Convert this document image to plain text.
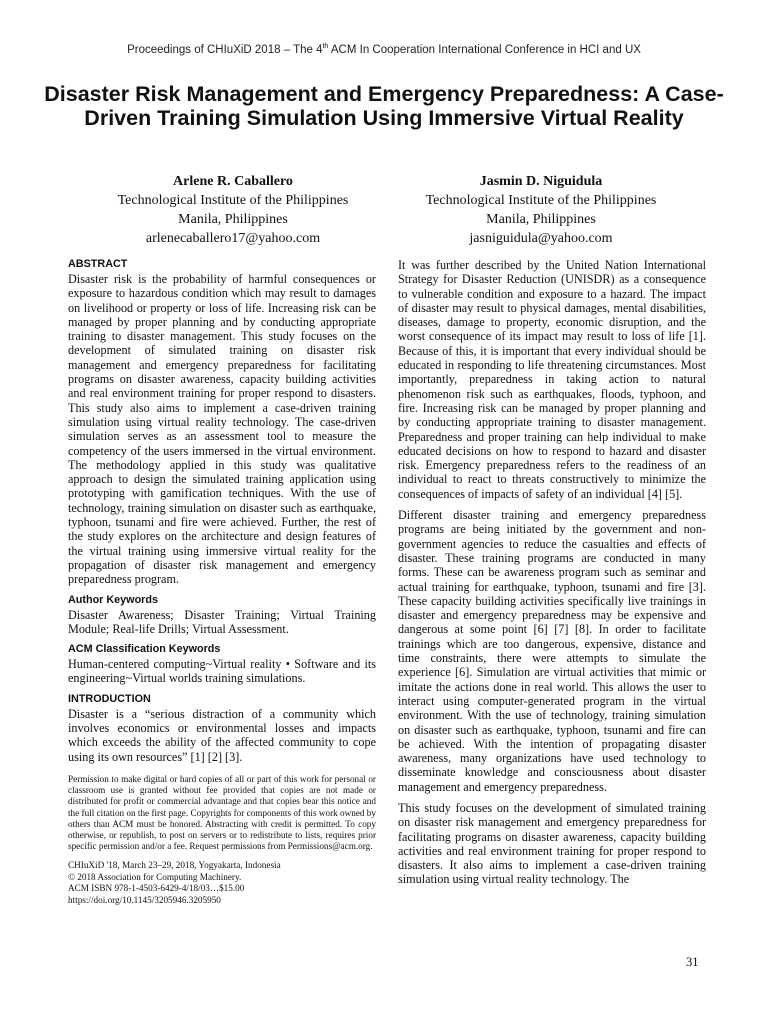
Proceedings of CHIuXiD 2018 – The 4th ACM In Cooperation International Conference in HCI and UX
Disaster Risk Management and Emergency Preparedness: A Case-Driven Training Simulation Using Immersive Virtual Reality
Arlene R. Caballero
Technological Institute of the Philippines
Manila, Philippines
arlenecaballero17@yahoo.com
Jasmin D. Niguidula
Technological Institute of the Philippines
Manila, Philippines
jasniguidula@yahoo.com
ABSTRACT

Disaster risk is the probability of harmful consequences or exposure to hazardous condition which may result to damages on livelihood or property or loss of life. Increasing risk can be managed by proper planning and by conducting appropriate training to disaster management. This study focuses on the development of simulated training on disaster risk management and emergency preparedness for facilitating programs on disaster awareness, capacity building activities and real environment training for proper respond to disasters. This study also aims to implement a case-driven training simulation using virtual reality technology. The case-driven simulation serves as an assessment tool to measure the competency of the users immersed in the virtual environment. The methodology applied in this study was qualitative approach to design the simulated training application using prototyping with gamification techniques. With the use of technology, training simulation on disaster such as earthquake, typhoon, tsunami and fire were achieved. Further, the rest of the study explores on the architecture and design features of the virtual training using immersive virtual reality for the propagation of disaster risk management and emergency preparedness program.

Author Keywords

Disaster Awareness; Disaster Training; Virtual Training Module; Real-life Drills; Virtual Assessment.

ACM Classification Keywords

Human-centered computing~Virtual reality • Software and its engineering~Virtual worlds training simulations.

INTRODUCTION

Disaster is a “serious distraction of a community which involves economics or environmental losses and impacts which exceeds the ability of the affected community to cope using its own resources” [1] [2] [3].

Permission to make digital or hard copies of all or part of this work for personal or classroom use is granted without fee provided that copies are not made or distributed for profit or commercial advantage and that copies bear this notice and the full citation on the first page. Copyrights for components of this work owned by others than ACM must be honored. Abstracting with credit is permitted. To copy otherwise, or republish, to post on servers or to redistribute to lists, requires prior specific permission and/or a fee. Request permissions from Permissions@acm.org.
CHIuXiD '18, March 23–29, 2018, Yogyakarta, Indonesia
© 2018 Association for Computing Machinery.
ACM ISBN 978-1-4503-6429-4/18/03…$15.00
https://doi.org/10.1145/3205946.3205950

It was further described by the United Nation International Strategy for Disaster Reduction (UNISDR) as a consequence to vulnerable condition and exposure to a hazard. The impact of disaster may result to physical damages, mental disabilities, diseases, damage to property, economic disruption, and the worst consequence of its impact may result to loss of life [1]. Because of this, it is important that every individual should be educated in responding to life threatening circumstances. Most importantly, preparedness in taking action to natural phenomenon risk such as earthquakes, floods, typhoon, and fire. Increasing risk can be managed by proper planning and by conducting appropriate training to disaster management. Preparedness and proper training can help individual to make educated decisions on how to respond to hazard and disaster risk. Emergency preparedness refers to the readiness of an individual to react to threats constructively to minimize the consequences of impacts of safety of an individual [4] [5].

Different disaster training and emergency preparedness programs are being initiated by the government and non-government agencies to reduce the casualties and effects of disaster. These training programs are conducted in many forms. These can be awareness program such as seminar and actual training for earthquake, typhoon, tsunami and fire [3]. These capacity building activities specifically live trainings in disaster and emergency preparedness may be expensive and dangerous at some point [6] [7] [8]. In order to facilitate trainings which are too dangerous, expensive, distance and time constraints, there were attempts to simulate the experience [6]. Simulation are virtual activities that mimic or imitate the actions done in real world. This allows the user to interact using computer-generated program in the virtual environment. With the use of technology, training simulation on disaster such as earthquake, typhoon, tsunami and fire can be achieved. With the intention of propagating disaster awareness, many organizations have used technology to disseminate knowledge and consciousness about disaster management and emergency preparedness.

This study focuses on the development of simulated training on disaster risk management and emergency preparedness for facilitating programs on disaster awareness, capacity building activities and real environment training for proper respond to disasters. It also aims to implement a case-driven training simulation using virtual reality technology. The

31
